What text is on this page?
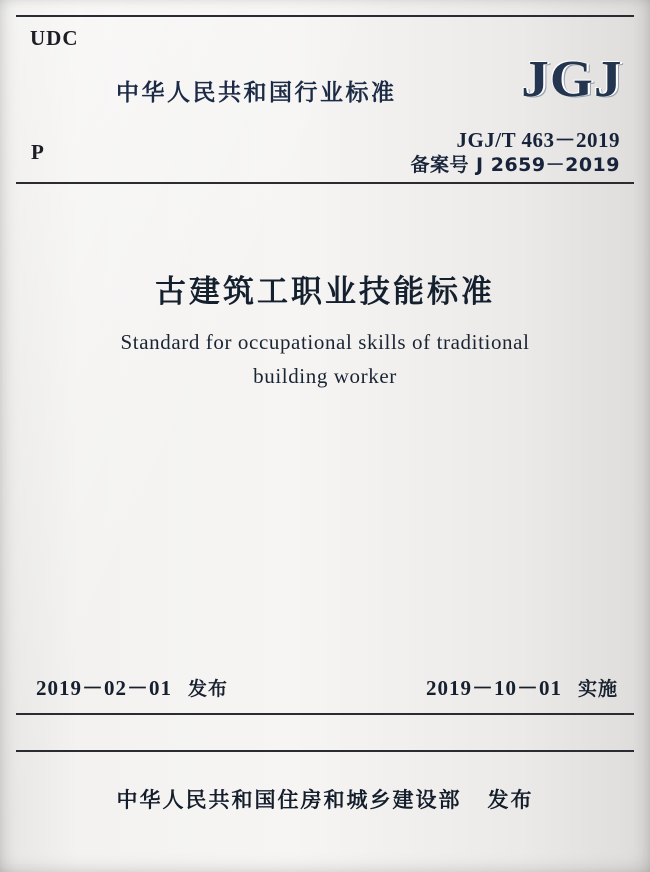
UDC
P
中华人民共和国行业标准 JGJ
JGJ/T 463－2019
备案号 J 2659－2019
古建筑工职业技能标准
Standard for occupational skills of traditional
building worker
2019－02－01 发布	2019－10－01 实施
中华人民共和国住房和城乡建设部 发布
